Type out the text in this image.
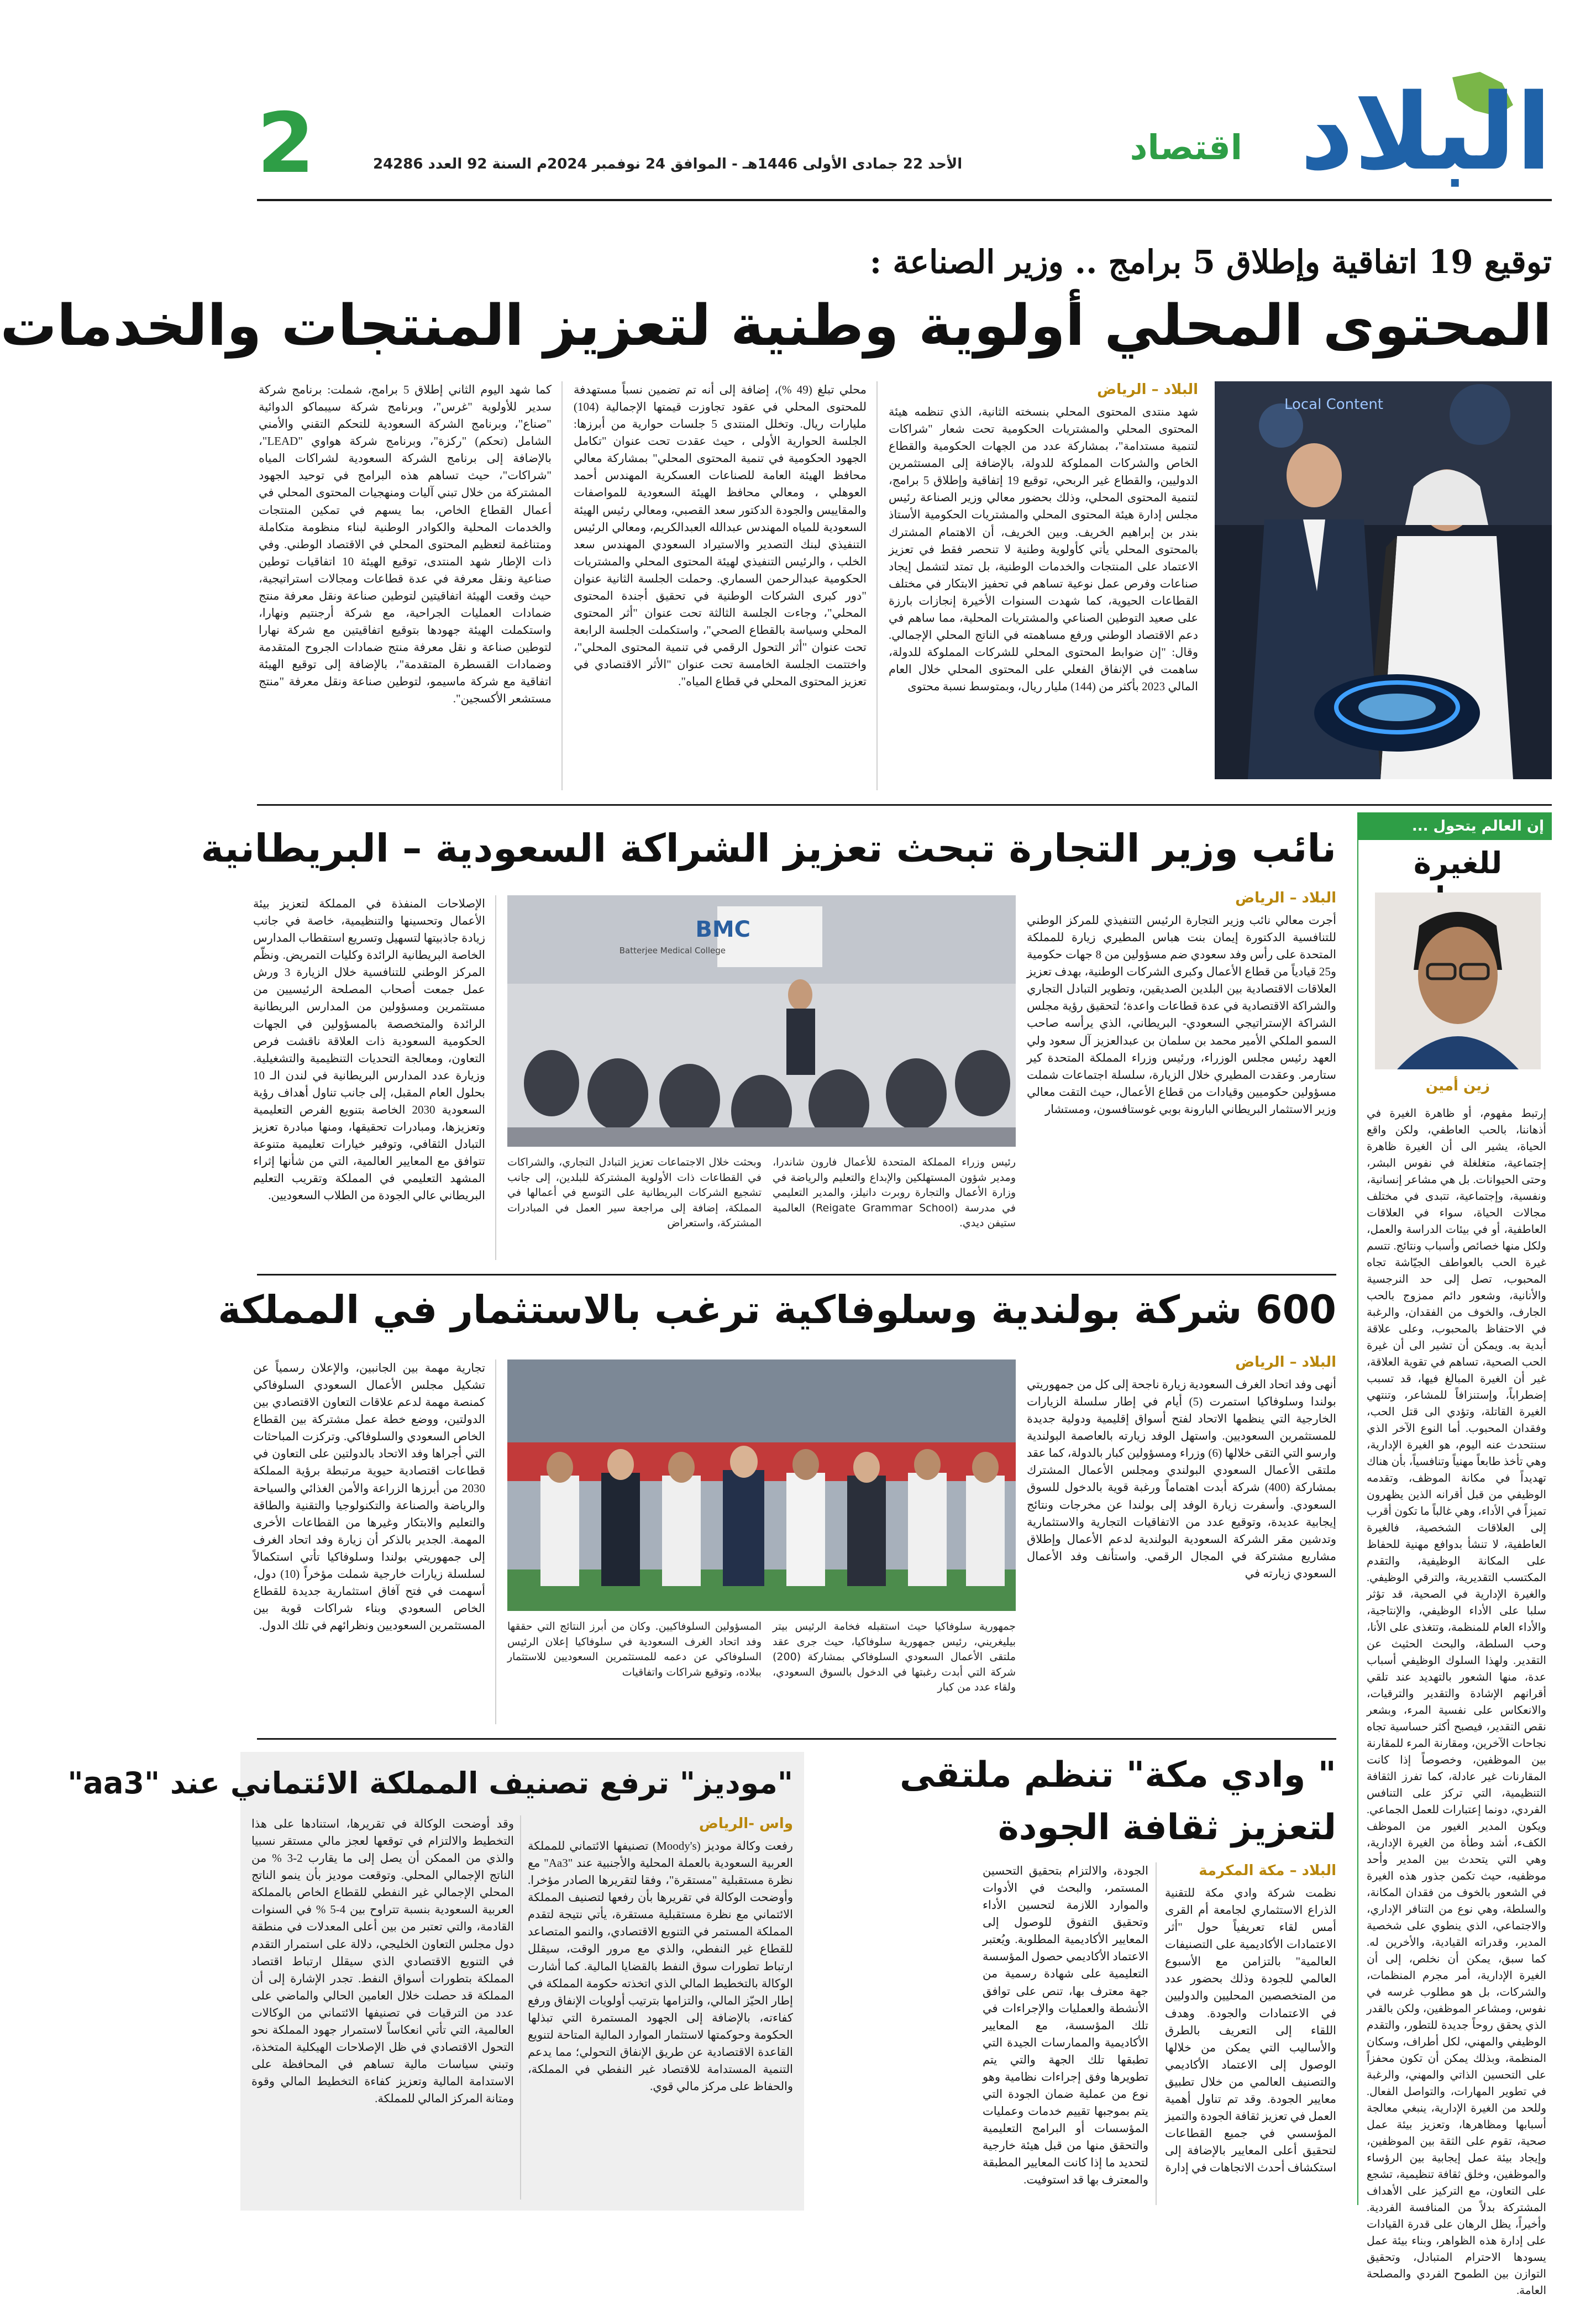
البلاد
اقتصاد
الأحد 22 جمادى الأولى 1446هـ - الموافق 24 نوفمبر 2024م السنة 92 العدد 24286
2
توقيع 19 اتفاقية وإطلاق 5 برامج .. وزير الصناعة :
المحتوى المحلي أولوية وطنية لتعزيز المنتجات والخدمات
Local Content
البلاد – الرياض
شهد منتدى المحتوى المحلي بنسخته الثانية، الذي تنظمه هيئة المحتوى المحلي والمشتريات الحكومية تحت شعار "شراكات لتنمية مستدامة"، بمشاركة عدد من الجهات الحكومية والقطاع الخاص والشركات المملوكة للدولة، بالإضافة إلى المستثمرين الدوليين، والقطاع غير الربحي، توقيع 19 إتفاقية وإطلاق 5 برامج، لتنمية المحتوى المحلي، وذلك بحضور معالي وزير الصناعة رئيس مجلس إدارة هيئة المحتوى المحلي والمشتريات الحكومية الأستاذ بندر بن إبراهيم الخريف. وبين الخريف، أن الاهتمام المشترك بالمحتوى المحلي يأتي كأولوية وطنية لا تنحصر فقط في تعزيز الاعتماد على المنتجات والخدمات الوطنية، بل تمتد لتشمل إيجاد صناعات وفرص عمل نوعية تساهم في تحفيز الابتكار في مختلف القطاعات الحيوية، كما شهدت السنوات الأخيرة إنجازات بارزة على صعيد التوطين الصناعي والمشتريات المحلية، مما ساهم في دعم الاقتصاد الوطني ورفع مساهمته في الناتج المحلي الإجمالي. وقال: "إن ضوابط المحتوى المحلي للشركات المملوكة للدولة، ساهمت في الإنفاق الفعلي على المحتوى المحلي خلال العام المالي 2023 بأكثر من (144) مليار ريال، وبمتوسط نسبة محتوى
محلي تبلغ (49 %)، إضافة إلى أنه تم تضمين نسباً مستهدفة للمحتوى المحلي في عقود تجاوزت قيمتها الإجمالية (104) مليارات ريال. وتخلل المنتدى 5 جلسات حوارية من أبرزها: الجلسة الحوارية الأولى ، حيث عقدت تحت عنوان "تكامل الجهود الحكومية في تنمية المحتوى المحلي" بمشاركة معالي محافظ الهيئة العامة للصناعات العسكرية المهندس أحمد العوهلي ، ومعالي محافظ الهيئة السعودية للمواصفات والمقاييس والجودة الدكتور سعد القصبي، ومعالي رئيس الهيئة السعودية للمياه المهندس عبدالله العبدالكريم، ومعالي الرئيس التنفيذي لبنك التصدير والاستيراد السعودي المهندس سعد الخلب ، والرئيس التنفيذي لهيئة المحتوى المحلي والمشتريات الحكومية عبدالرحمن السماري. وحملت الجلسة الثانية عنوان "دور كبرى الشركات الوطنية في تحقيق أجندة المحتوى المحلي"، وجاءت الجلسة الثالثة تحت عنوان "أثر المحتوى المحلي وسياسة بالقطاع الصحي"، واستكملت الجلسة الرابعة تحت عنوان "أثر التحول الرقمي في تنمية المحتوى المحلي"، واختتمت الجلسة الخامسة تحت عنوان "الأثر الاقتصادي في تعزيز المحتوى المحلي في قطاع المياه".
كما شهد اليوم الثاني إطلاق 5 برامج، شملت: برنامج شركة سدير للأولوية "غرس"، وبرنامج شركة سيبماكو الدوائية "صناع"، وبرنامج الشركة السعودية للتحكم التقني والأمني الشامل (تحكم) "ركزة"، وبرنامج شركة هواوي "LEAD"، بالإضافة إلى برنامج الشركة السعودية لشراكات المياه "شراكات"، حيث تساهم هذه البرامج في توحيد الجهود المشتركة من خلال تبني آليات ومنهجيات المحتوى المحلي في أعمال القطاع الخاص، بما يسهم في تمكين المنتجات والخدمات المحلية والكوادر الوطنية لبناء منظومة متكاملة ومتناغمة لتعظيم المحتوى المحلي في الاقتصاد الوطني. وفي ذات الإطار شهد المنتدى، توقيع الهيئة 10 اتفاقيات توطين صناعية ونقل معرفة في عدة قطاعات ومجالات استراتيجية، حيث وقعت الهيئة اتفاقيتين لتوطين صناعة ونقل معرفة منتج ضمادات العمليات الجراحية، مع شركة أرجنتيم ونهارا، واستكملت الهيئة جهودها بتوقيع اتفاقيتين مع شركة نهارا لتوطين صناعة و نقل معرفة منتج ضمادات الجروح المتقدمة وضمادات القسطرة المتقدمة"، بالإضافة إلى توقيع الهيئة اتفاقية مع شركة ماسيمو، لتوطين صناعة ونقل معرفة "منتج مستشعر الأكسجين".
إن العالم يتحول ...
للغيرة
زين أمين
إرتبط مفهوم، أو ظاهرة الغيرة في أذهاننا، بالحب العاطفي، ولكن واقع الحياة، يشير الى أن الغيرة ظاهرة إجتماعية، متغلغلة في نفوس البشر، وحتى الحيوانات. بل هي مشاعر إنسانية، ونفسية، وإجتماعية، تتبدى في مختلف مجالات الحياة، سواء في العلاقات العاطفية، أو في بيئات الدراسة والعمل، ولكل منها خصائص وأسباب ونتائج. تتسم غيرة الحب بالعواطف الجيّاشة تجاه المحبوب، تصل إلى حد النرجسية والأنانية، وشعور دائم ممزوج بالحب الجارف، والخوف من الفقدان، والرغبة في الاحتفاظ بالمحبوب، وعلى علاقة أبدية به. ويمكن أن تشير الى أن غيرة الحب الصحية، تساهم في تقوية العلاقة، غير أن الغيرة المبالغ فيها، قد تسبب إضطراباً، وإستنزافاً للمشاعر، وتنتهي الغيرة القاتلة، وتؤدي الى قتل الحب، وفقدان المحبوب. أما النوع الآخر الذي سنتحدث عنه اليوم، هو الغيرة الإدارية، وهي تأخذ طابعاً مهنياً وتنافسياً، بأن هناك تهديداً في مكانة الموظف، وتقدمه الوظيفي من قبل أقرانه الذين يظهرون تميزاً في الأداء، وهي غالباً ما تكون أقرب إلى العلاقات الشخصية، فالغيرة العاطفية، لا تنشأ بدوافع مهنية للحفاظ على المكانة الوظيفية، والتقدم المكتسب التقديرية، والترقي الوظيفي. والغيرة الإدارية في الصحية، قد تؤثر سلبا على الأداء الوظيفي، والإنتاجية، والأداء العام للمنظمة، وتتغذى على الأنا، وحب السلطة، والبحث الحثيث عن التقدير. ولهذا السلوك الوظيفي أسباب عدة، منها الشعور بالتهديد عند تلقي أقرانهم الإشادة والتقدير والترقيات، والانعكاس على نفسية المرء، وبشعر نقص التقدير، فيصبح أكثر حساسية تجاه نجاحات الآخرين، ومقارنة المرء للمقارنة بين الموظفين، وخصوصاً إذا كانت المقارنات غير عادلة، كما تفرز الثقافة التنظيمية، التي تركز على التنافس الفردي، دونما إعتبارات للعمل الجماعي. ويكون المدير الغيور من الموظف الكفء، أشد وطأة من الغيرة الإدارية، وهي التي يتحدث بين المدير وأحد موظفيه، حيث تكمن جذور هذه الغيرة في الشعور بالخوف من فقدان المكانة، والسلطة، وهي نوع من التنافر الإداري، والاجتماعي، الذي ينطوي على شخصية المدير، وقدراته القيادية، والأخرين له. كما سبق، يمكن أن نخلص، إلى أن الغيرة الإدارية، أمر مجرم المنظمات، والشركات، بل هو مطلوب غرسه في نفوس، ومشاعر الموظفين، ولكن بالقدر الذي يحقق روحاً جديدة للتطور، والتقدم الوظيفي والمهني، لكل أطراف، وسكان المنظمة، وبذلك يمكن أن تكون محفزاً على التحسين الذاتي والمهني، والرغبة في تطوير المهارات، والتواصل الفعال. وللحد من الغيرة الإدارية، ينبغي معالجة أسبابها ومظاهرها، وتعزيز بيئة عمل صحية، تقوم على الثقة بين الموظفين، وإيجاد بيئة عمل إيجابية بين الرؤساء والموظفين، وخلق ثقافة تنظيمية، تشجع على التعاون، مع التركيز على الأهداف المشتركة بدلاً من المنافسة الفردية. وأخيراً، يظل الرهان على قدرة القيادات على إدارة هذه الظواهر، وبناء بيئة عمل يسودها الاحترام المتبادل، وتحقيق التوازن بين الطموح الفردي والمصلحة العامة.
نائب وزير التجارة تبحث تعزيز الشراكة السعودية – البريطانية
البلاد – الرياض
أجرت معالي نائب وزير التجارة الرئيس التنفيذي للمركز الوطني للتنافسية الدكتورة إيمان بنت هباس المطيري زيارة للمملكة المتحدة على رأس وفد سعودي ضم مسؤولين من 8 جهات حكومية و25 قيادياً من قطاع الأعمال وكبرى الشركات الوطنية، بهدف تعزيز العلاقات الاقتصادية بين البلدين الصديقين، وتطوير التبادل التجاري والشراكة الاقتصادية في عدة قطاعات واعدة؛ لتحقيق رؤية مجلس الشراكة الإستراتيجي السعودي- البريطاني، الذي يرأسه صاحب السمو الملكي الأمير محمد بن سلمان بن عبدالعزيز آل سعود ولي العهد رئيس مجلس الوزراء، ورئيس وزراء المملكة المتحدة كير ستارمر. وعقدت المطيري خلال الزيارة، سلسلة اجتماعات شملت مسؤولين حكوميين وقيادات من قطاع الأعمال، حيث التقت معالي وزير الاستثمار البريطاني البارونة بوبي غوستافسون، ومستشار
BMC
Batterjee Medical College
رئيس وزراء المملكة المتحدة للأعمال فارون شاندرا، ومدير شؤون المستهلكين والإبداع والتعليم والرياضة في وزارة الأعمال والتجارة روبرت دانيلز، والمدير التعليمي في مدرسة (Reigate Grammar School) العالمية ستيفن ديدي.
وبحثت خلال الاجتماعات تعزيز التبادل التجاري، والشراكات في القطاعات ذات الأولوية المشتركة للبلدين، إلى جانب تشجيع الشركات البريطانية على التوسع في أعمالها في المملكة، إضافة إلى مراجعة سير العمل في المبادرات المشتركة، واستعراض
الإصلاحات المنفذة في المملكة لتعزيز بيئة الأعمال وتحسينها والتنظيمية، خاصة في جانب زيادة جاذبيتها لتسهيل وتسريع استقطاب المدارس الخاصة البريطانية الرائدة وكليات التمريض. ونظّم المركز الوطني للتنافسية خلال الزيارة 3 ورش عمل جمعت أصحاب المصلحة الرئيسيين من مستثمرين ومسؤولين من المدارس البريطانية الرائدة والمتخصصة بالمسؤولين في الجهات الحكومية السعودية ذات العلاقة ناقشت فرص التعاون، ومعالجة التحديات التنظيمية والتشغيلية. وزيارة عدد المدارس البريطانية في لندن الـ 10 بحلول العام المقبل، إلى جانب تناول أهداف رؤية السعودية 2030 الخاصة بتنويع الفرص التعليمية وتعزيزها، ومبادرات تحقيقها، ومنها مبادرة تعزيز التبادل الثقافي، وتوفير خيارات تعليمية متنوعة تتوافق مع المعايير العالمية، التي من شأنها إثراء المشهد التعليمي في المملكة وتقريب التعليم البريطاني عالي الجودة من الطلاب السعوديين.
600 شركة بولندية وسلوفاكية ترغب بالاستثمار في المملكة
البلاد – الرياض
أنهى وفد اتحاد الغرف السعودية زيارة ناجحة إلى كل من جمهوريتي بولندا وسلوفاكيا استمرت (5) أيام في إطار سلسلة الزيارات الخارجية التي ينظمها الاتحاد لفتح أسواق إقليمية ودولية جديدة للمستثمرين السعوديين. واستهل الوفد زيارته بالعاصمة البولندية وارسو التي التقى خلالها (6) وزراء ومسؤولين كبار بالدولة، كما عقد ملتقى الأعمال السعودي البولندي ومجلس الأعمال المشترك بمشاركة (400) شركة أبدت اهتماماً ورغبة قوية بالدخول للسوق السعودي. وأسفرت زيارة الوفد إلى بولندا عن مخرجات ونتائج إيجابية عديدة، وتوقيع عدد من الاتفاقيات التجارية والاستثمارية وتدشين مقر الشركة السعودية البولندية لدعم الأعمال وإطلاق مشاريع مشتركة في المجال الرقمي. واستأنف وفد الأعمال السعودي زيارته في
جمهورية سلوفاكيا حيث استقبله فخامة الرئيس بيتر بيليغريني، رئيس جمهورية سلوفاكيا، حيث جرى عقد ملتقى الأعمال السعودي السلوفاكي بمشاركة (200) شركة التي أبدت رغبتها في الدخول بالسوق السعودي، ولقاء عدد من كبار
المسؤولين السلوفاكيين. وكان من أبرز النتائج التي حققها وفد اتحاد الغرف السعودية في سلوفاكيا إعلان الرئيس السلوفاكي عن دعمه للمستثمرين السعوديين للاستثمار ببلاده، وتوقيع شراكات واتفاقيات
تجارية مهمة بين الجانبين، والإعلان رسمياً عن تشكيل مجلس الأعمال السعودي السلوفاكي كمنصة مهمة لدعم علاقات التعاون الاقتصادي بين الدولتين، ووضع خطة عمل مشتركة بين القطاع الخاص السعودي والسلوفاكي. وتركزت المباحثات التي أجراها وفد الاتحاد بالدولتين على التعاون في قطاعات اقتصادية حيوية مرتبطة برؤية المملكة 2030 من أبرزها الزراعة والأمن الغذائي والسياحة والرياضة والصناعة والتكنولوجيا والتقنية والطاقة والتعليم والابتكار وغيرها من القطاعات الأخرى المهمة. الجدير بالذكر أن زيارة وفد اتحاد الغرف إلى جمهوريتي بولندا وسلوفاكيا تأتي استكمالاً لسلسلة زيارات خارجية شملت مؤخراً (10) دول، أسهمت في فتح آفاق استثمارية جديدة للقطاع الخاص السعودي وبناء شراكات قوية بين المستثمرين السعوديين ونظرائهم في تلك الدول.
" وادي مكة" تنظم ملتقى
لتعزيز ثقافة الجودة
البلاد – مكة المكرمة
نظمت شركة وادي مكة للتقنية الذراع الاستثماري لجامعة أم القرى أمس لقاء تعريفياً حول "أثر الاعتمادات الأكاديمية على التصنيفات العالمية" بالتزامن مع الأسبوع العالمي للجودة وذلك بحضور عدد من المتخصصين المحليين والدوليين في الاعتمادات والجودة. وهدف اللقاء إلى التعريف بالطرق والأساليب التي يمكن من خلالها الوصول إلى الاعتماد الأكاديمي والتصنيف العالمي من خلال تطبيق معايير الجودة. وقد تم تناول أهمية العمل في تعزيز ثقافة الجودة والتميز المؤسسي في جميع القطاعات لتحقيق أعلى المعايير بالإضافة إلى استكشاف أحدث الاتجاهات في إدارة
الجودة، والالتزام بتحقيق التحسين المستمر، والبحث في الأدوات والموارد اللازمة لتحسين الأداء وتحقيق التفوق للوصول إلى المعايير الأكاديمية المطلوبة. ويُعتبر الاعتماد الأكاديمي حصول المؤسسة التعليمية على شهادة رسمية من جهة معترف بها، تنص على توافق الأنشطة والعمليات والإجراءات في تلك المؤسسة، مع المعايير الأكاديمية والممارسات الجيدة التي تطبقها تلك الجهة والتي يتم تطويرها وفق إجراءات نظامية وهو نوع من عملية ضمان الجودة التي يتم بموجبها تقييم خدمات وعمليات المؤسسات أو البرامج التعليمية والتحقق منها من قبل هيئة خارجية لتحديد ما إذا كانت المعايير المطبقة والمعترف بها قد استوفيت.
"موديز" ترفع تصنيف المملكة الائتماني عند "aa3"
واس -الرياض
رفعت وكالة موديز (Moody's) تصنيفها الائتماني للمملكة العربية السعودية بالعملة المحلية والأجنبية عند "Aa3" مع نظرة مستقبلية "مستقرة"، وفقا لتقريرها الصادر مؤخرا. وأوضحت الوكالة في تقريرها بأن رفعها لتصنيف المملكة الائتماني مع نظرة مستقبلية مستقرة، يأتي نتيجة لتقدم المملكة المستمر في التنويع الاقتصادي، والنمو المتصاعد للقطاع غير النفطي، والذي مع مرور الوقت، سيقلل ارتباط تطورات سوق النفط بالقضايا المالية. كما أشارت الوكالة بالتخطيط المالي الذي اتخذته حكومة المملكة في إطار الحيّز المالي، والتزامها بترتيب أولويات الإنفاق ورفع كفاءته، بالإضافة إلى الجهود المستمرة التي تبذلها الحكومة وحوكمتها لاستثمار الموارد المالية المتاحة لتنويع القاعدة الاقتصادية عن طريق الإنفاق التحولي؛ مما يدعم التنمية المستدامة للاقتصاد غير النفطي في المملكة، والحفاظ على مركز مالي قوي.
وقد أوضحت الوكالة في تقريرها، استنادها على هذا التخطيط والالتزام في توقعها لعجز مالي مستقر نسبيا والذي من الممكن أن يصل إلى ما يقارب 2-3 % من الناتج الإجمالي المحلي. وتوقعت موديز بأن ينمو الناتج المحلي الإجمالي غير النفطي للقطاع الخاص بالمملكة العربية السعودية بنسبة تتراوح بين 4-5 % في السنوات القادمة، والتي تعتبر من بين أعلى المعدلات في منطقة دول مجلس التعاون الخليجي، دلالة على استمرار التقدم في التنويع الاقتصادي الذي سيقلل ارتباط اقتصاد المملكة بتطورات أسواق النفط. تجدر الإشارة إلى أن المملكة قد حصلت خلال العامين الحالي والماضي على عدد من الترقيات في تصنيفها الائتماني من الوكالات العالمية، التي تأتي انعكاساً لاستمرار جهود المملكة نحو التحول الاقتصادي في ظل الإصلاحات الهيكلية المتخذة، وتبني سياسات مالية تساهم في المحافظة على الاستدامة المالية وتعزيز كفاءة التخطيط المالي وقوة ومتانة المركز المالي للمملكة.
